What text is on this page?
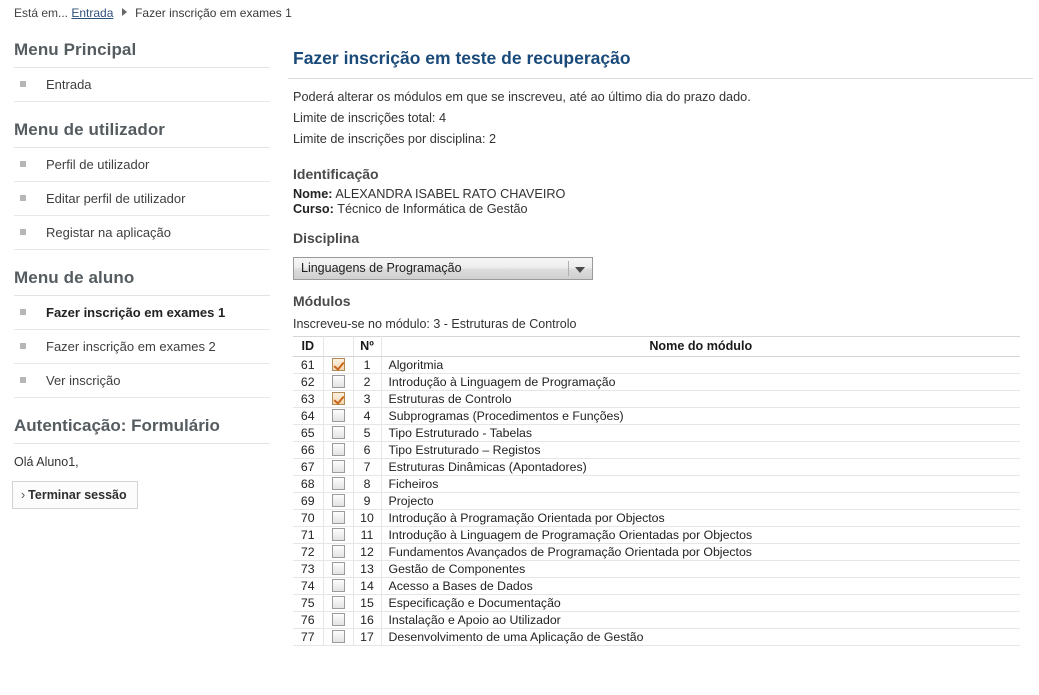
Está em... Entrada Fazer inscrição em exames 1
Menu Principal
Entrada
Menu de utilizador
Perfil de utilizador
Editar perfil de utilizador
Registar na aplicação
Menu de aluno
Fazer inscrição em exames 1
Fazer inscrição em exames 2
Ver inscrição
Autenticação: Formulário
Olá Aluno1,
› Terminar sessão
Fazer inscrição em teste de recuperação
Poderá alterar os módulos em que se inscreveu, até ao último dia do prazo dado.
Limite de inscrições total: 4
Limite de inscrições por disciplina: 2
Identificação
Nome: ALEXANDRA ISABEL RATO CHAVEIRO
Curso: Técnico de Informática de Gestão
Disciplina
Linguagens de Programação
Módulos
Inscreveu-se no módulo: 3 - Estruturas de Controlo
ID		Nº	Nome do módulo
61		1	Algoritmia
62		2	Introdução à Linguagem de Programação
63		3	Estruturas de Controlo
64		4	Subprogramas (Procedimentos e Funções)
65		5	Tipo Estruturado - Tabelas
66		6	Tipo Estruturado – Registos
67		7	Estruturas Dinâmicas (Apontadores)
68		8	Ficheiros
69		9	Projecto
70		10	Introdução à Programação Orientada por Objectos
71		11	Introdução à Linguagem de Programação Orientadas por Objectos
72		12	Fundamentos Avançados de Programação Orientada por Objectos
73		13	Gestão de Componentes
74		14	Acesso a Bases de Dados
75		15	Especificação e Documentação
76		16	Instalação e Apoio ao Utilizador
77		17	Desenvolvimento de uma Aplicação de Gestão
